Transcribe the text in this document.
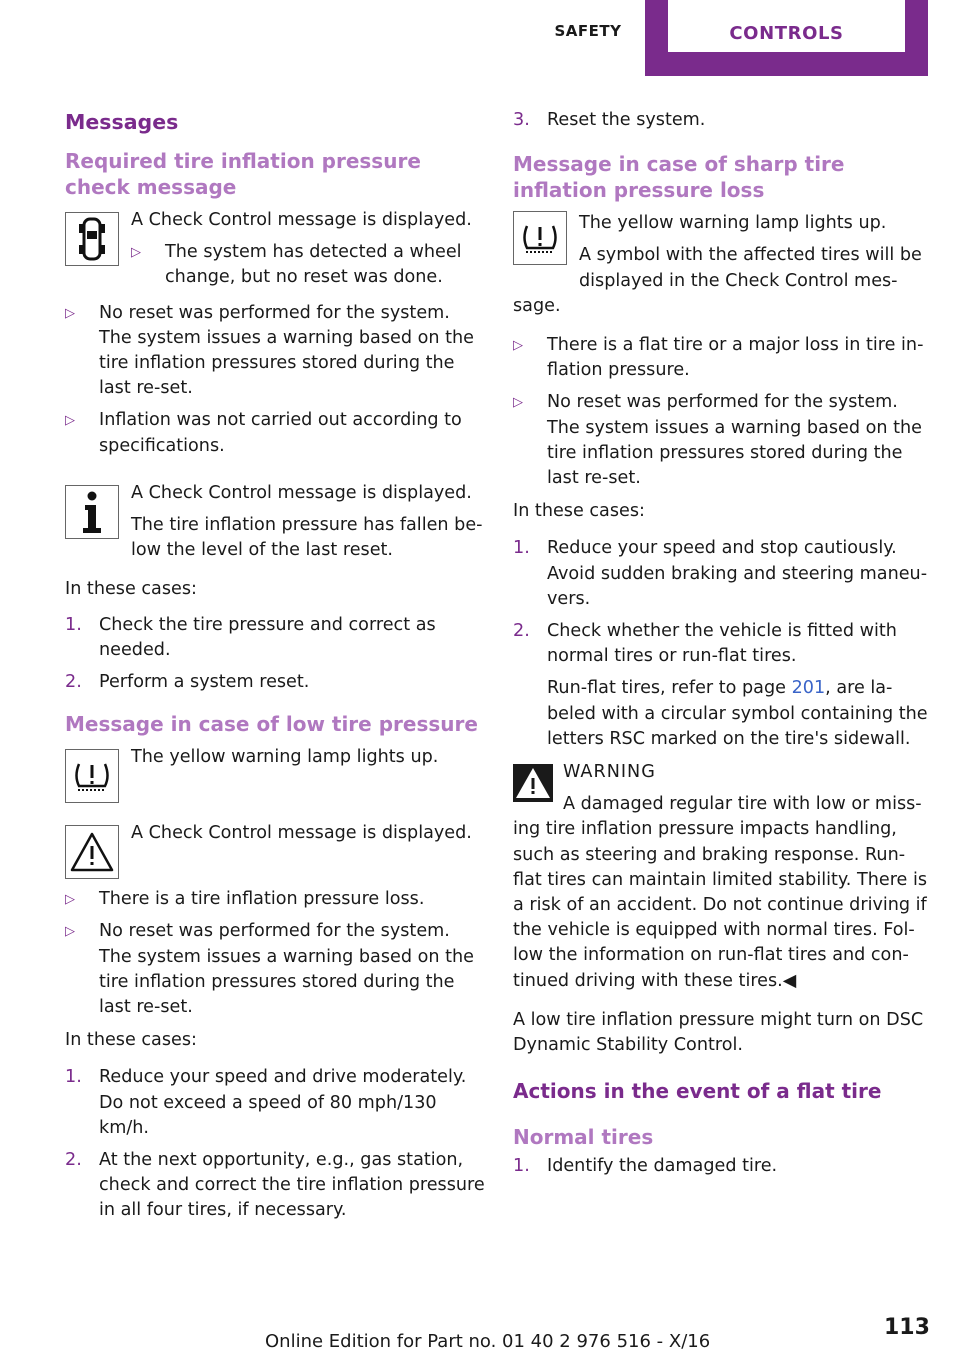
SAFETY	CONTROLS
Messages
Required tire inflation pressure check message

A Check Control message is displayed.

▷ The system has detected a wheel change, but no reset was done.
▷ No reset was performed for the system. The system issues a warning based on the tire inflation pressures stored during the last re-set.
▷ Inflation was not carried out according to specifications.

A Check Control message is displayed.

The tire inflation pressure has fallen be-low the level of the last reset.

In these cases:

1. Check the tire pressure and correct as needed.
2. Perform a system reset.
Message in case of low tire pressure

The yellow warning lamp lights up.

A Check Control message is displayed.

▷ There is a tire inflation pressure loss.
▷ No reset was performed for the system. The system issues a warning based on the tire inflation pressures stored during the last re-set.

In these cases:

1. Reduce your speed and drive moderately. Do not exceed a speed of 80 mph/130 km/h.
2. At the next opportunity, e.g., gas station, check and correct the tire inflation pressure in all four tires, if necessary.
3. Reset the system.
Message in case of sharp tire inflation pressure loss

The yellow warning lamp lights up.

A symbol with the affected tires will be displayed in the Check Control mes-sage.

▷ There is a flat tire or a major loss in tire in-flation pressure.
▷ No reset was performed for the system. The system issues a warning based on the tire inflation pressures stored during the last re-set.

In these cases:

1. Reduce your speed and stop cautiously. Avoid sudden braking and steering maneu-vers.
2. Check whether the vehicle is fitted with normal tires or run-flat tires.

Run-flat tires, refer to page 201, are la-beled with a circular symbol containing the letters RSC marked on the tire's sidewall.

WARNING

A damaged regular tire with low or miss-ing tire inflation pressure impacts handling, such as steering and braking response. Run-flat tires can maintain limited stability. There is a risk of an accident. Do not continue driving if the vehicle is equipped with normal tires. Fol-low the information on run-flat tires and con-tinued driving with these tires.◀

A low tire inflation pressure might turn on DSC Dynamic Stability Control.

Actions in the event of a flat tire
Normal tires
1. Identify the damaged tire.
Online Edition for Part no. 01 40 2 976 516 - X/16
113
